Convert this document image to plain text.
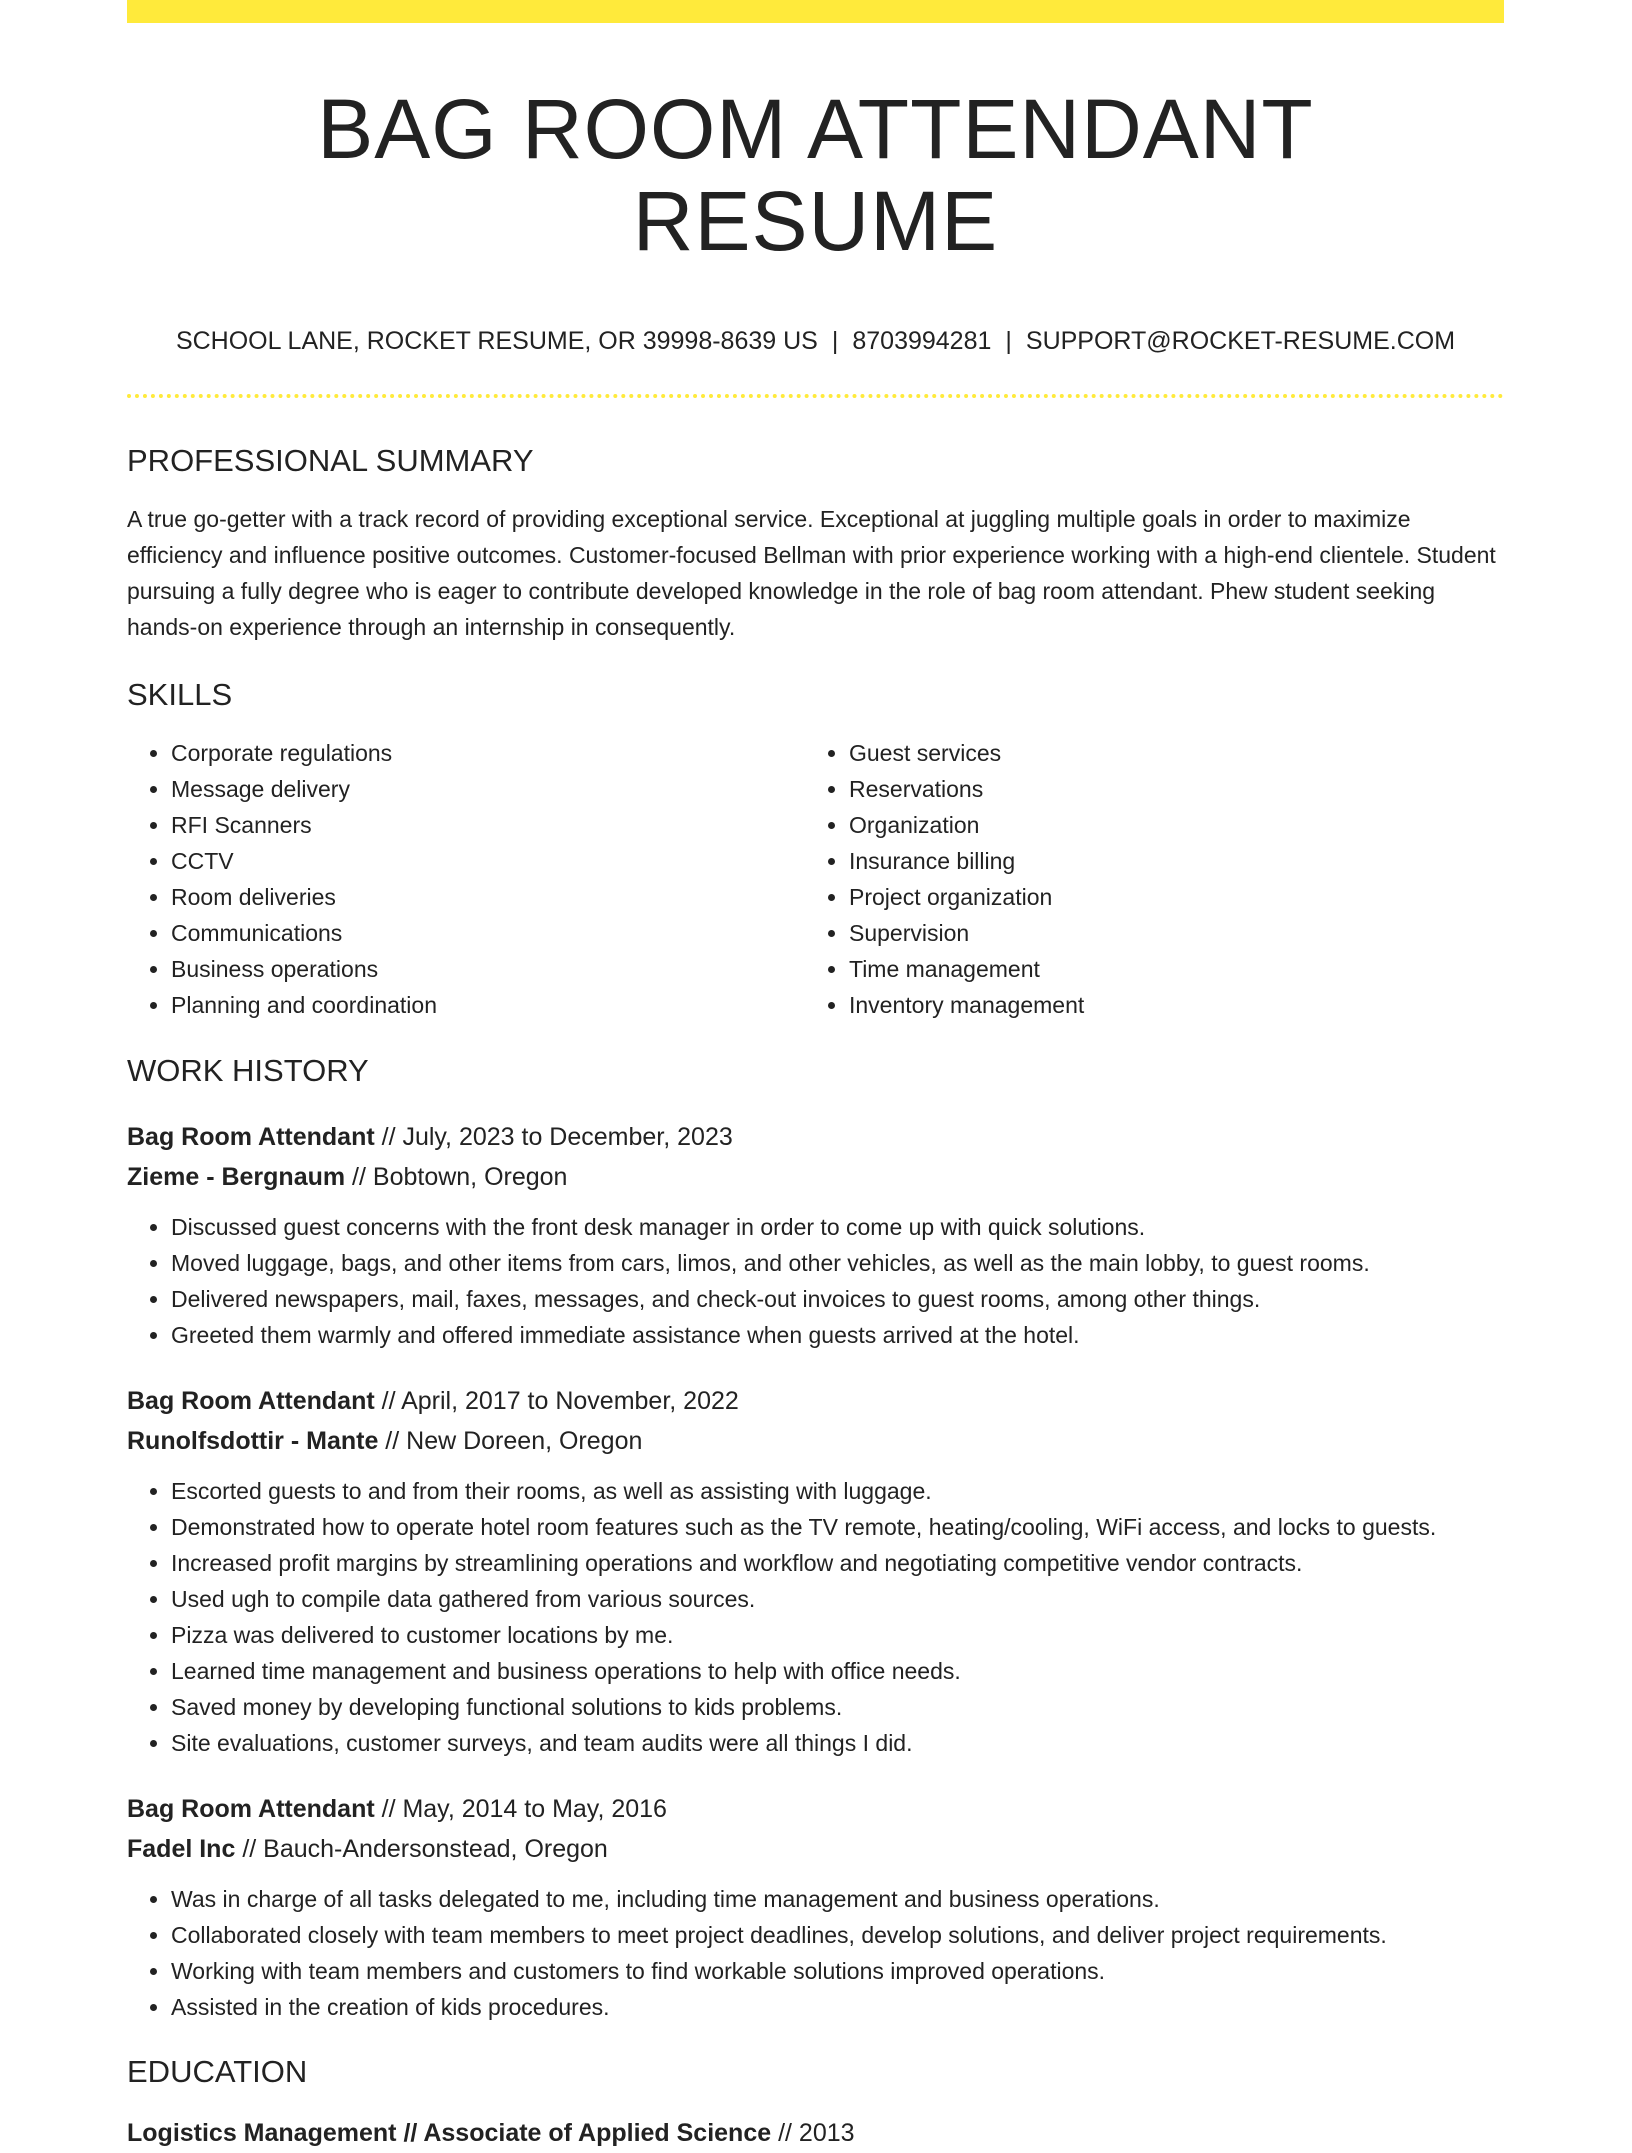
BAG ROOM ATTENDANT RESUME
SCHOOL LANE, ROCKET RESUME, OR 39998-8639 US | 8703994281 | SUPPORT@ROCKET-RESUME.COM
PROFESSIONAL SUMMARY
A true go-getter with a track record of providing exceptional service. Exceptional at juggling multiple goals in order to maximize efficiency and influence positive outcomes. Customer-focused Bellman with prior experience working with a high-end clientele. Student pursuing a fully degree who is eager to contribute developed knowledge in the role of bag room attendant. Phew student seeking hands-on experience through an internship in consequently.
SKILLS
• Corporate regulations
• Message delivery
• RFI Scanners
• CCTV
• Room deliveries
• Communications
• Business operations
• Planning and coordination
• Guest services
• Reservations
• Organization
• Insurance billing
• Project organization
• Supervision
• Time management
• Inventory management
WORK HISTORY
Bag Room Attendant // July, 2023 to December, 2023
Zieme - Bergnaum // Bobtown, Oregon
• Discussed guest concerns with the front desk manager in order to come up with quick solutions.
• Moved luggage, bags, and other items from cars, limos, and other vehicles, as well as the main lobby, to guest rooms.
• Delivered newspapers, mail, faxes, messages, and check-out invoices to guest rooms, among other things.
• Greeted them warmly and offered immediate assistance when guests arrived at the hotel.
Bag Room Attendant // April, 2017 to November, 2022
Runolfsdottir - Mante // New Doreen, Oregon
• Escorted guests to and from their rooms, as well as assisting with luggage.
• Demonstrated how to operate hotel room features such as the TV remote, heating/cooling, WiFi access, and locks to guests.
• Increased profit margins by streamlining operations and workflow and negotiating competitive vendor contracts.
• Used ugh to compile data gathered from various sources.
• Pizza was delivered to customer locations by me.
• Learned time management and business operations to help with office needs.
• Saved money by developing functional solutions to kids problems.
• Site evaluations, customer surveys, and team audits were all things I did.
Bag Room Attendant // May, 2014 to May, 2016
Fadel Inc // Bauch-Andersonstead, Oregon
• Was in charge of all tasks delegated to me, including time management and business operations.
• Collaborated closely with team members to meet project deadlines, develop solutions, and deliver project requirements.
• Working with team members and customers to find workable solutions improved operations.
• Assisted in the creation of kids procedures.
EDUCATION
Logistics Management // Associate of Applied Science // 2013
